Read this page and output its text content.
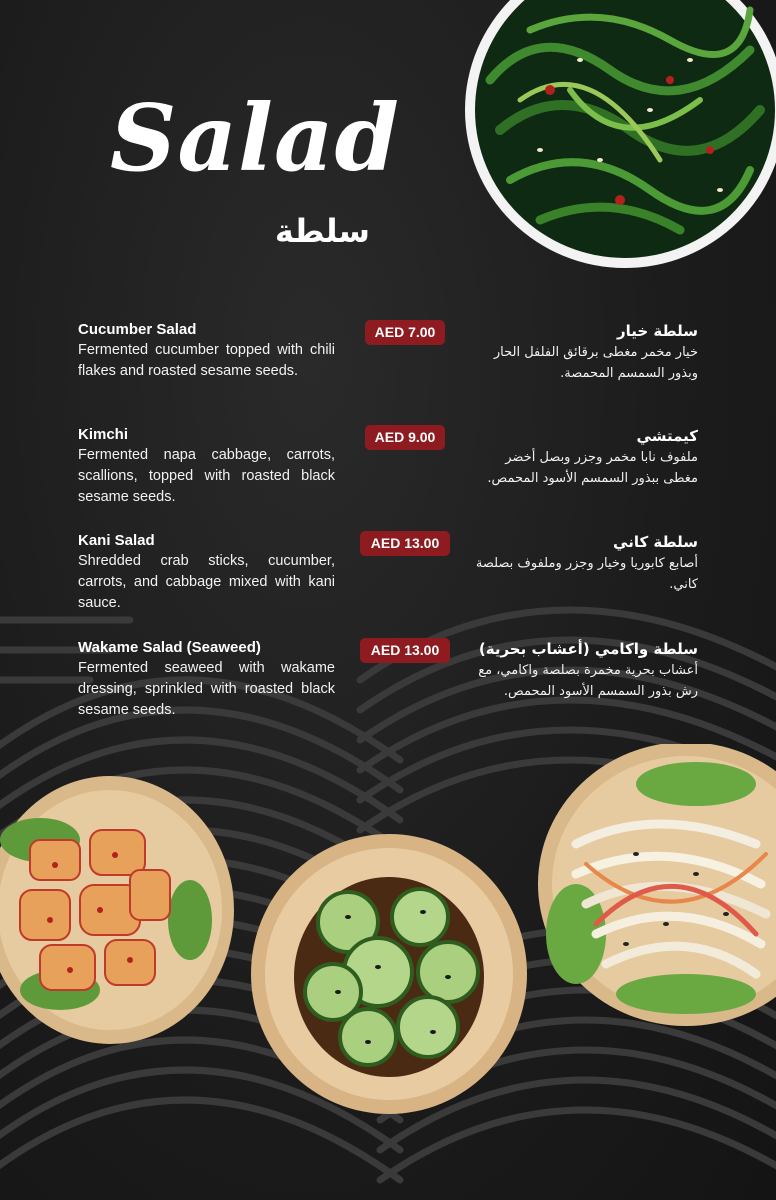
Salad
سلطة
Cucumber Salad
Fermented cucumber topped with chili flakes and roasted sesame seeds.
AED 7.00	سلطة خيار
خيار مخمر مغطى برقائق الفلفل الحار وبذور السمسم المحمصة.
Kimchi
Fermented napa cabbage, carrots, scallions, topped with roasted black sesame seeds.
AED 9.00	كيمتشي
ملفوف نابا مخمر وجزر وبصل أخضر مغطى ببذور السمسم الأسود المحمص.
Kani Salad
Shredded crab sticks, cucumber, carrots, and cabbage mixed with kani sauce.
AED 13.00	سلطة كاني
أصابع كابوريا وخيار وجزر وملفوف بصلصة كاني.
Wakame Salad (Seaweed)
Fermented seaweed with wakame dressing, sprinkled with roasted black sesame seeds.
AED 13.00	سلطة واكامي (أعشاب بحرية)
أعشاب بحرية مخمرة بصلصة واكامي، مع رش بذور السمسم الأسود المحمص.
